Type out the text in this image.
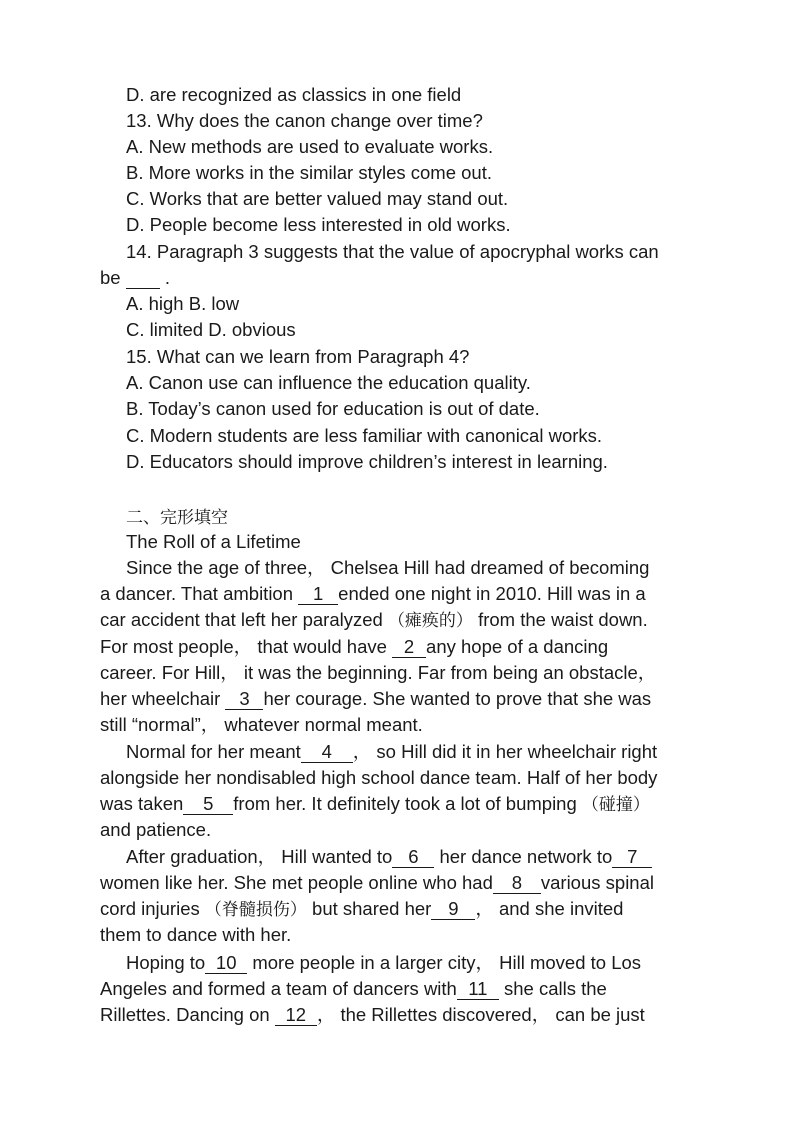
D. are recognized as classics in one field
13. Why does the canon change over time?
A. New methods are used to evaluate works.
B. More works in the similar styles come out.
C. Works that are better valued may stand out.
D. People become less interested in old works.
14. Paragraph 3 suggests that the value of apocryphal works can
be .
A. high B. low
C. limited D. obvious
15. What can we learn from Paragraph 4?
A. Canon use can influence the education quality.
B. Today’s canon used for education is out of date.
C. Modern students are less familiar with canonical works.
D. Educators should improve children’s interest in learning.
二、完形填空
The Roll of a Lifetime
Since the age of three， Chelsea Hill had dreamed of becoming
a dancer. That ambition 1 ended one night in 2010. Hill was in a
car accident that left her paralyzed （瘫痪的） from the waist down.
For most people， that would have 2 any hope of a dancing
career. For Hill， it was the beginning. Far from being an obstacle，
her wheelchair 3 her courage. She wanted to prove that she was
still “normal”， whatever normal meant.
Normal for her meant 4 ， so Hill did it in her wheelchair right
alongside her nondisabled high school dance team. Half of her body
was taken 5 from her. It definitely took a lot of bumping （碰撞）
and patience.
After graduation， Hill wanted to 6 her dance network to 7
women like her. She met people online who had 8 various spinal
cord injuries （脊髓损伤） but shared her 9 ， and she invited
them to dance with her.
Hoping to 10 more people in a larger city， Hill moved to Los
Angeles and formed a team of dancers with 11 she calls the
Rillettes. Dancing on 12 ， the Rillettes discovered， can be just
